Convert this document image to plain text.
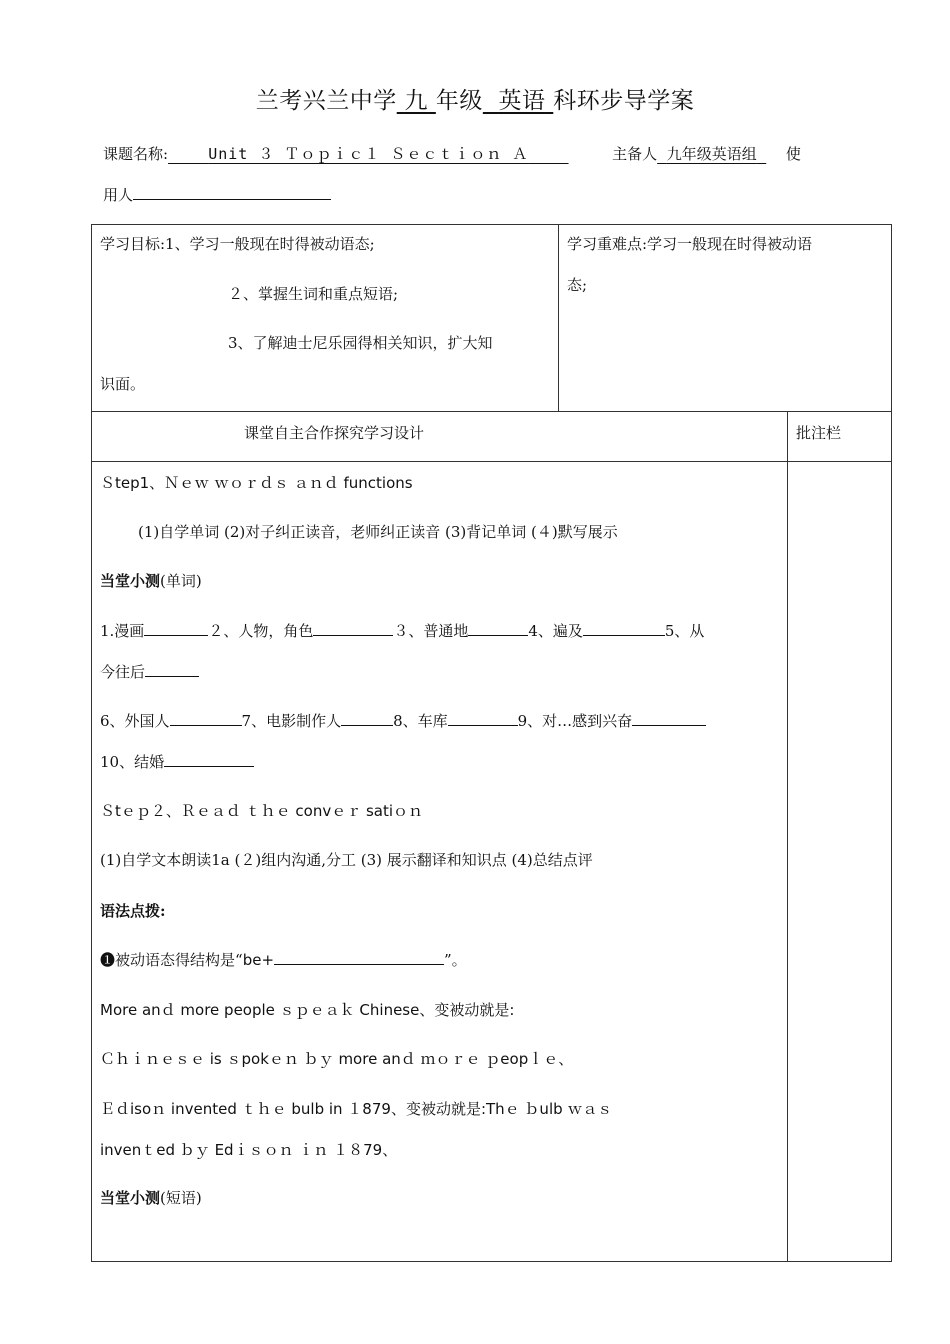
兰考兴兰中学 九 年级 英语 科环步导学案
课题名称:	Unit ３ Ｔｏｐｉｃ１ Ｓｅｃｔｉｏｎ Ａ	主备人 九年级英语组 使
用人
学习目标:1、学习一般现在时得被动语态;
２、掌握生词和重点短语;
3、了解迪士尼乐园得相关知识，扩大知
识面。
学习重难点:学习一般现在时得被动语
态;
课堂自主合作探究学习设计	批注栏
Ｓtep1、Ｎｅｗ ｗｏｒｄｓ ａｎｄ functions
(1)自学单词 (2)对子纠正读音，老师纠正读音 (3)背记单词 (４)默写展示
当堂小测(单词)
1.漫画	２、人物，角色	３、普通地	4、遍及	5、从
今往后
6、外国人	7、电影制作人	8、车库	9、对…感到兴奋
10、结婚
Ｓtｅｐ２、Ｒｅａｄ ｔｈｅ convｅｒ satiｏｎ
(1)自学文本朗读1a (２)组内沟通,分工 (3) 展示翻译和知识点 (4)总结点评
语法点拨:
❶被动语态得结构是“be+	”。
More anｄ more people ｓｐｅａｋ Chinese、变被动就是:
Ｃｈｉｎｅｓｅ is ｓpokｅｎ ｂｙ more anｄ ｍｏｒｅ ｐeopｌｅ、
Ｅｄisoｎ invented ｔｈｅ bulb in １879、变被动就是:Thｅ ｂulb ｗａｓ
invenｔed ｂｙ Edｉｓｏｎ ｉｎ １８79、
当堂小测(短语)
